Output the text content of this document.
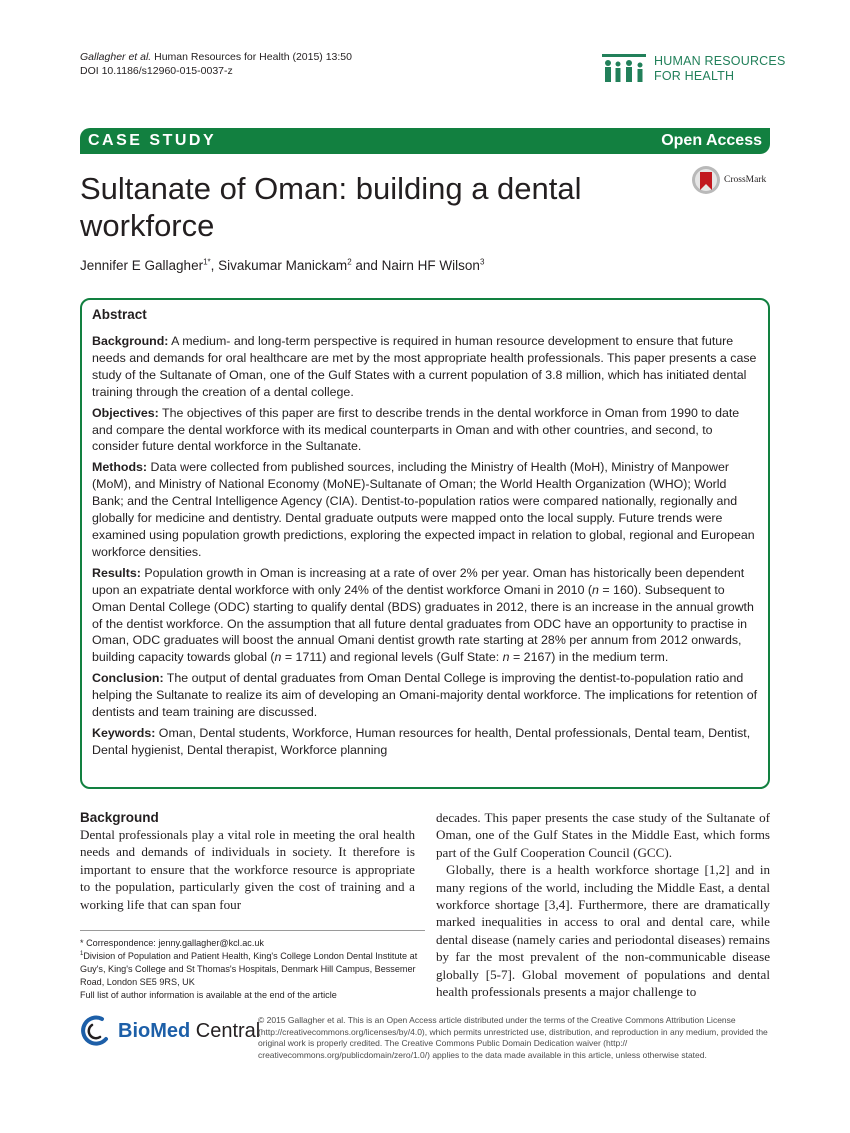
Gallagher et al. Human Resources for Health (2015) 13:50
DOI 10.1186/s12960-015-0037-z
HUMAN RESOURCES
FOR HEALTH
CASE STUDY	Open Access
Sultanate of Oman: building a dental workforce
CrossMark
Jennifer E Gallagher$^{1*}$, Sivakumar Manickam$^2$ and Nairn HF Wilson$^3$
Abstract

Background: A medium- and long-term perspective is required in human resource development to ensure that future needs and demands for oral healthcare are met by the most appropriate health professionals. This paper presents a case study of the Sultanate of Oman, one of the Gulf States with a current population of 3.8 million, which has initiated dental training through the creation of a dental college.

Objectives: The objectives of this paper are first to describe trends in the dental workforce in Oman from 1990 to date and compare the dental workforce with its medical counterparts in Oman and with other countries, and second, to consider future dental workforce in the Sultanate.

Methods: Data were collected from published sources, including the Ministry of Health (MoH), Ministry of Manpower (MoM), and Ministry of National Economy (MoNE)-Sultanate of Oman; the World Health Organization (WHO); World Bank; and the Central Intelligence Agency (CIA). Dentist-to-population ratios were compared nationally, regionally and globally for medicine and dentistry. Dental graduate outputs were mapped onto the local supply. Future trends were examined using population growth predictions, exploring the expected impact in relation to global, regional and European workforce densities.

Results: Population growth in Oman is increasing at a rate of over 2% per year. Oman has historically been dependent upon an expatriate dental workforce with only 24% of the dentist workforce Omani in 2010 (n = 160). Subsequent to Oman Dental College (ODC) starting to qualify dental (BDS) graduates in 2012, there is an increase in the annual growth of the dentist workforce. On the assumption that all future dental graduates from ODC have an opportunity to practise in Oman, ODC graduates will boost the annual Omani dentist growth rate starting at 28% per annum from 2012 onwards, building capacity towards global (n = 1711) and regional levels (Gulf State: n = 2167) in the medium term.

Conclusion: The output of dental graduates from Oman Dental College is improving the dentist-to-population ratio and helping the Sultanate to realize its aim of developing an Omani-majority dental workforce. The implications for retention of dentists and team training are discussed.

Keywords: Oman, Dental students, Workforce, Human resources for health, Dental professionals, Dental team, Dentist, Dental hygienist, Dental therapist, Workforce planning

Background

Dental professionals play a vital role in meeting the oral health needs and demands of individuals in society. It therefore is important to ensure that the workforce resource is appropriate to the population, particularly given the cost of training and a working life that can span four

decades. This paper presents the case study of the Sultanate of Oman, one of the Gulf States in the Middle East, which forms part of the Gulf Cooperation Council (GCC).

Globally, there is a health workforce shortage [1,2] and in many regions of the world, including the Middle East, a dental workforce shortage [3,4]. Furthermore, there are dramatically marked inequalities in access to oral and dental care, while dental disease (namely caries and periodontal diseases) remains by far the most prevalent of the non-communicable disease globally [5-7]. Global movement of populations and dental health professionals presents a major challenge to

* Correspondence: jenny.gallagher@kcl.ac.uk
$^1$Division of Population and Patient Health, King's College London Dental Institute at Guy's, King's College and St Thomas's Hospitals, Denmark Hill Campus, Bessemer Road, London SE5 9RS, UK
Full list of author information is available at the end of the article
BioMed Central
© 2015 Gallagher et al. This is an Open Access article distributed under the terms of the Creative Commons Attribution License (http://creativecommons.org/licenses/by/4.0), which permits unrestricted use, distribution, and reproduction in any medium, provided the original work is properly credited. The Creative Commons Public Domain Dedication waiver (http:// creativecommons.org/publicdomain/zero/1.0/) applies to the data made available in this article, unless otherwise stated.
